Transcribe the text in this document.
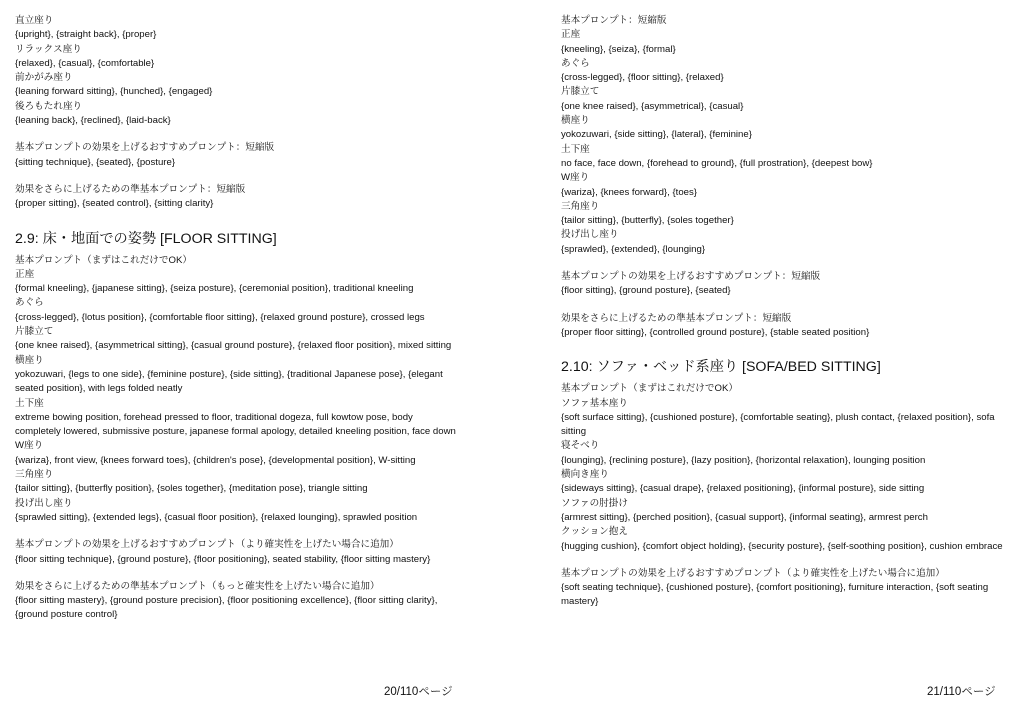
直立座り

{upright}, {straight back}, {proper}

リラックス座り

{relaxed}, {casual}, {comfortable}

前かがみ座り

{leaning forward sitting}, {hunched}, {engaged}

後ろもたれ座り

{leaning back}, {reclined}, {laid-back}

基本プロンプトの効果を上げるおすすめプロンプト：短縮版

{sitting technique}, {seated}, {posture}

効果をさらに上げるための準基本プロンプト：短縮版

{proper sitting}, {seated control}, {sitting clarity}

2.9: 床・地面での姿勢 [FLOOR SITTING]

基本プロンプト（まずはこれだけでOK）

正座

{formal kneeling}, {japanese sitting}, {seiza posture}, {ceremonial position}, traditional kneeling

あぐら

{cross-legged}, {lotus position}, {comfortable floor sitting}, {relaxed ground posture}, crossed legs

片膝立て

{one knee raised}, {asymmetrical sitting}, {casual ground posture}, {relaxed floor position}, mixed sitting

横座り

yokozuwari, {legs to one side}, {feminine posture}, {side sitting}, {traditional Japanese pose}, {elegant seated position}, with legs folded neatly

土下座

extreme bowing position, forehead pressed to floor, traditional dogeza, full kowtow pose, body completely lowered, submissive posture, japanese formal apology, detailed kneeling position, face down

W座り

{wariza}, front view, {knees forward toes}, {children's pose}, {developmental position}, W-sitting

三角座り

{tailor sitting}, {butterfly position}, {soles together}, {meditation pose}, triangle sitting

投げ出し座り

{sprawled sitting}, {extended legs}, {casual floor position}, {relaxed lounging}, sprawled position

基本プロンプトの効果を上げるおすすめプロンプト（より確実性を上げたい場合に追加）

{floor sitting technique}, {ground posture}, {floor positioning}, seated stability, {floor sitting mastery}

効果をさらに上げるための準基本プロンプト（もっと確実性を上げたい場合に追加）

{floor sitting mastery}, {ground posture precision}, {floor positioning excellence}, {floor sitting clarity}, {ground posture control}

20/110ページ

基本プロンプト：短縮版

正座

{kneeling}, {seiza}, {formal}

あぐら

{cross-legged}, {floor sitting}, {relaxed}

片膝立て

{one knee raised}, {asymmetrical}, {casual}

横座り

yokozuwari, {side sitting}, {lateral}, {feminine}

土下座

no face, face down, {forehead to ground}, {full prostration}, {deepest bow}

W座り

{wariza}, {knees forward}, {toes}

三角座り

{tailor sitting}, {butterfly}, {soles together}

投げ出し座り

{sprawled}, {extended}, {lounging}

基本プロンプトの効果を上げるおすすめプロンプト：短縮版

{floor sitting}, {ground posture}, {seated}

効果をさらに上げるための準基本プロンプト：短縮版

{proper floor sitting}, {controlled ground posture}, {stable seated position}

2.10: ソファ・ベッド系座り [SOFA/BED SITTING]

基本プロンプト（まずはこれだけでOK）

ソファ基本座り

{soft surface sitting}, {cushioned posture}, {comfortable seating}, plush contact, {relaxed position}, sofa sitting

寝そべり

{lounging}, {reclining posture}, {lazy position}, {horizontal relaxation}, lounging position

横向き座り

{sideways sitting}, {casual drape}, {relaxed positioning}, {informal posture}, side sitting

ソファの肘掛け

{armrest sitting}, {perched position}, {casual support}, {informal seating}, armrest perch

クッション抱え

{hugging cushion}, {comfort object holding}, {security posture}, {self-soothing position}, cushion embrace

基本プロンプトの効果を上げるおすすめプロンプト（より確実性を上げたい場合に追加）

{soft seating technique}, {cushioned posture}, {comfort positioning}, furniture interaction, {soft seating mastery}

21/110ページ
